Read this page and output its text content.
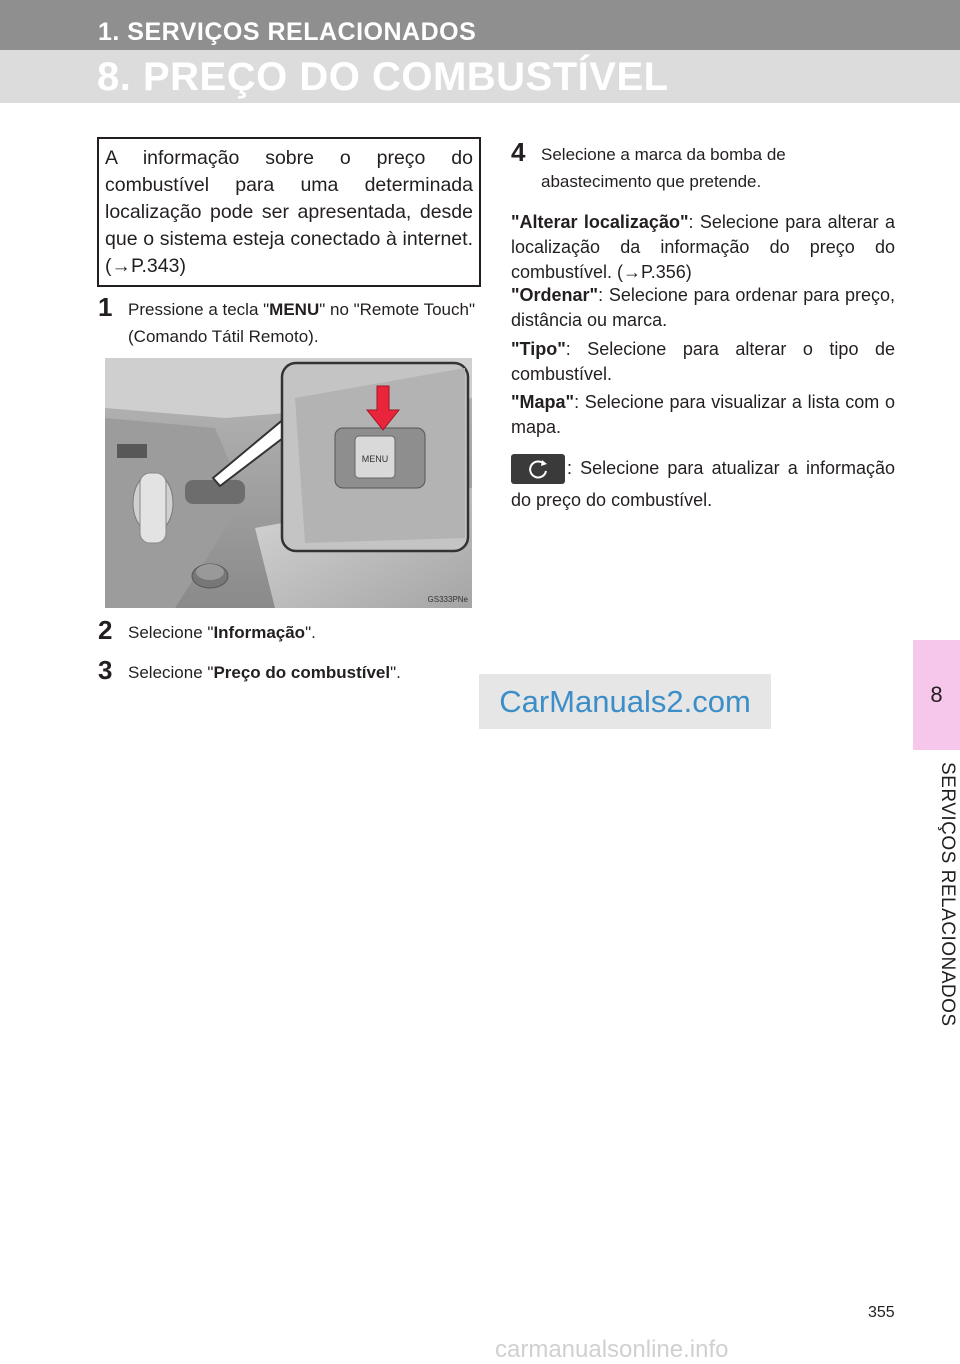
1. SERVIÇOS RELACIONADOS
8. PREÇO DO COMBUSTÍVEL
8
SERVIÇOS RELACIONADOS
A informação sobre o preço do combustível para uma determinada localização pode ser apresentada, desde que o sistema esteja conectado à internet. (→P.343)
1 Pressione a tecla "MENU" no "Remote Touch" (Comando Tátil Remoto).
MENU
GS333PNe
2 Selecione "Informação".
3 Selecione "Preço do combustível".
4 Selecione a marca da bomba de abastecimento que pretende.
"Alterar localização": Selecione para alterar a localização da informação do preço do combustível. (→P.356)
"Ordenar": Selecione para ordenar para preço, distância ou marca.
"Tipo": Selecione para alterar o tipo de combustível.
"Mapa": Selecione para visualizar a lista com o mapa.
: Selecione para atualizar a informação do preço do combustível.
CarManuals2.com
355
carmanualsonline.info
